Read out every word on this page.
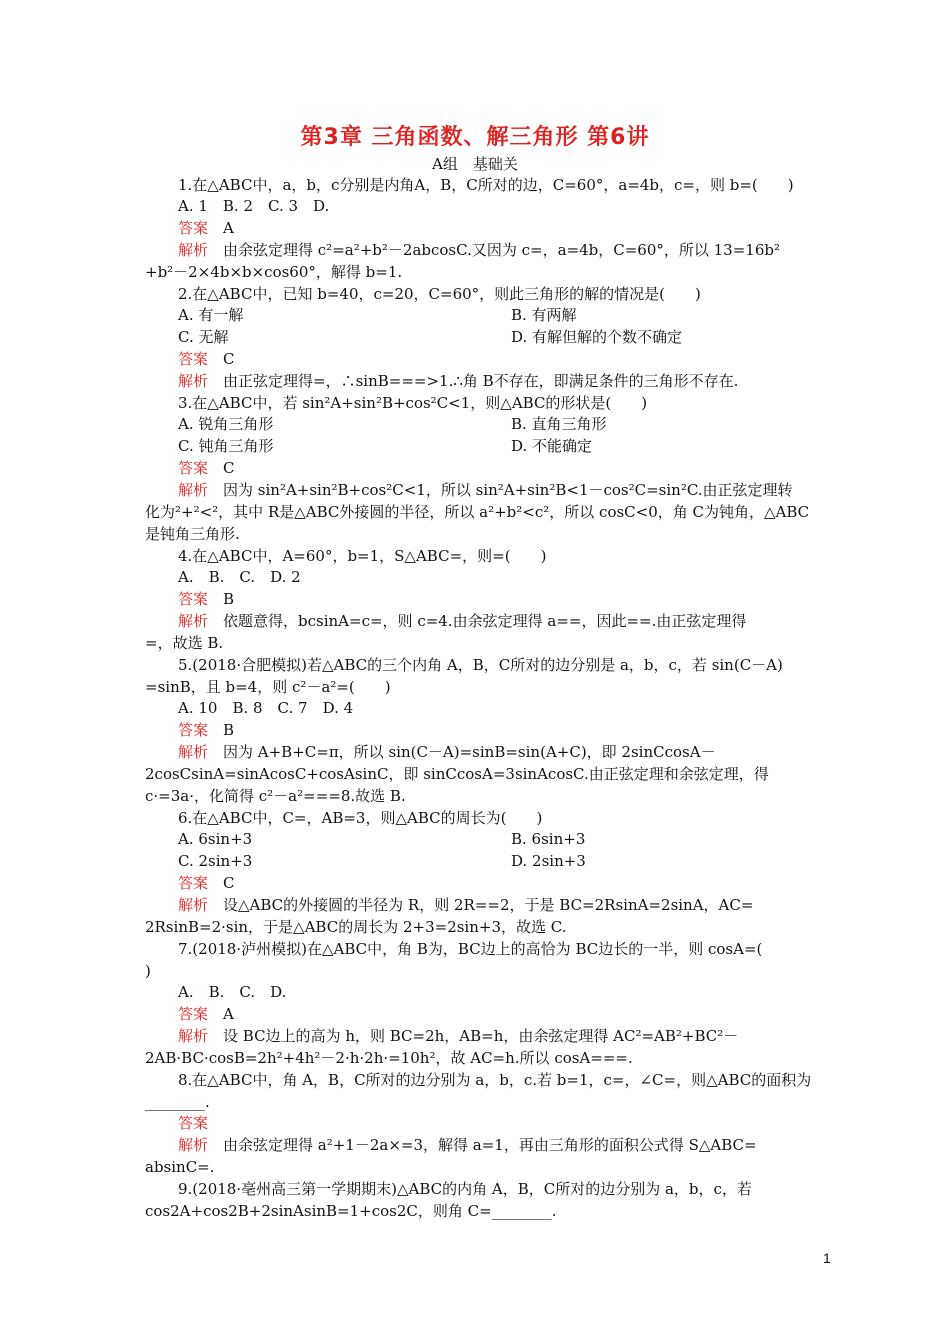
第3章 三角函数、解三角形 第6讲
A组　基础关
1.在△ABC中，a，b，c分别是内角A，B，C所对的边，C=60°，a=4b，c=，则 b=(　　)
A. 1　B. 2　C. 3　D.
答案　A
解析　由余弦定理得 c²=a²+b²－2abcosC.又因为 c=，a=4b，C=60°，所以 13=16b²
+b²－2×4b×b×cos60°，解得 b=1.
2.在△ABC中，已知 b=40，c=20，C=60°，则此三角形的解的情况是(　　)
A. 有一解	B. 有两解
C. 无解	D. 有解但解的个数不确定
答案　C
解析　由正弦定理得=，∴sinB===>1.∴角 B不存在，即满足条件的三角形不存在.
3.在△ABC中，若 sin²A+sin²B+cos²C<1，则△ABC的形状是(　　)
A. 锐角三角形	B. 直角三角形
C. 钝角三角形	D. 不能确定
答案　C
解析　因为 sin²A+sin²B+cos²C<1，所以 sin²A+sin²B<1－cos²C=sin²C.由正弦定理转
化为²+²<²，其中 R是△ABC外接圆的半径，所以 a²+b²<c²，所以 cosC<0，角 C为钝角，△ABC
是钝角三角形.
4.在△ABC中，A=60°，b=1，S△ABC=，则=(　　)
A.　B.　C.　D. 2
答案　B
解析　依题意得，bcsinA=c=，则 c=4.由余弦定理得 a==，因此==.由正弦定理得
=，故选 B.
5.(2018·合肥模拟)若△ABC的三个内角 A，B，C所对的边分别是 a，b，c，若 sin(C－A)
=sinB，且 b=4，则 c²－a²=(　　)
A. 10　B. 8　C. 7　D. 4
答案　B
解析　因为 A+B+C=π，所以 sin(C－A)=sinB=sin(A+C)，即 2sinCcosA－
2cosCsinA=sinAcosC+cosAsinC，即 sinCcosA=3sinAcosC.由正弦定理和余弦定理，得
c·=3a·，化简得 c²－a²===8.故选 B.
6.在△ABC中，C=，AB=3，则△ABC的周长为(　　)
A. 6sin+3	B. 6sin+3
C. 2sin+3	D. 2sin+3
答案　C
解析　设△ABC的外接圆的半径为 R，则 2R==2，于是 BC=2RsinA=2sinA，AC=
2RsinB=2·sin，于是△ABC的周长为 2+3=2sin+3，故选 C.
7.(2018·泸州模拟)在△ABC中，角 B为，BC边上的高恰为 BC边长的一半，则 cosA=(
)
A.　B.　C.　D.
答案　A
解析　设 BC边上的高为 h，则 BC=2h，AB=h，由余弦定理得 AC²=AB²+BC²－
2AB·BC·cosB=2h²+4h²－2·h·2h·=10h²，故 AC=h.所以 cosA===.
8.在△ABC中，角 A，B，C所对的边分别为 a，b，c.若 b=1，c=，∠C=，则△ABC的面积为
________.
答案
解析　由余弦定理得 a²+1－2a×=3，解得 a=1，再由三角形的面积公式得 S△ABC=
absinC=.
9.(2018·亳州高三第一学期期末)△ABC的内角 A，B，C所对的边分别为 a，b，c，若
cos2A+cos2B+2sinAsinB=1+cos2C，则角 C=________.
1
